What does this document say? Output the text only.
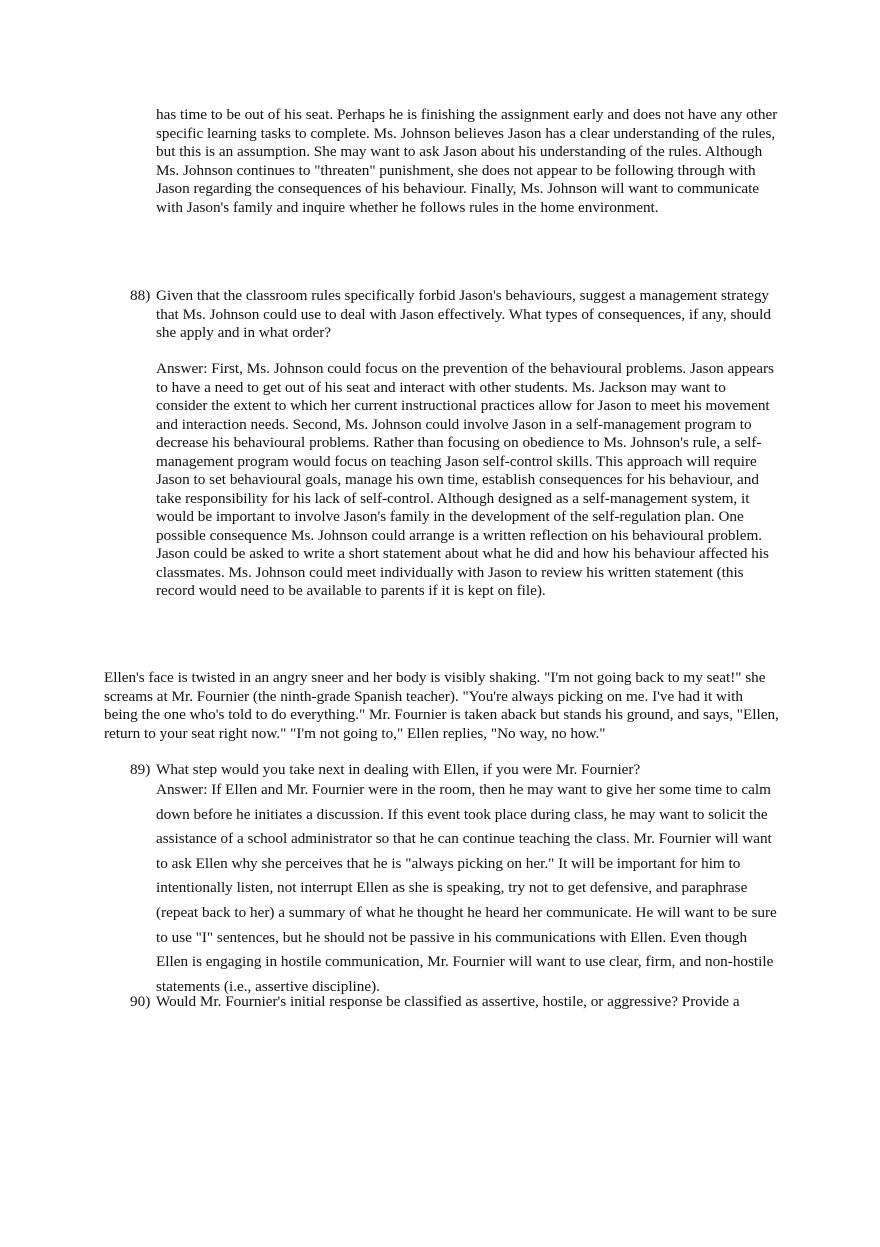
has time to be out of his seat. Perhaps he is finishing the assignment early and does not have any other specific learning tasks to complete. Ms. Johnson believes Jason has a clear understanding of the rules, but this is an assumption. She may want to ask Jason about his understanding of the rules. Although Ms. Johnson continues to "threaten" punishment, she does not appear to be following through with Jason regarding the consequences of his behaviour. Finally, Ms. Johnson will want to communicate with Jason's family and inquire whether he follows rules in the home environment.

88) Given that the classroom rules specifically forbid Jason's behaviours, suggest a management strategy that Ms. Johnson could use to deal with Jason effectively. What types of consequences, if any, should she apply and in what order?

Answer: First, Ms. Johnson could focus on the prevention of the behavioural problems. Jason appears to have a need to get out of his seat and interact with other students. Ms. Jackson may want to consider the extent to which her current instructional practices allow for Jason to meet his movement and interaction needs. Second, Ms. Johnson could involve Jason in a self-management program to decrease his behavioural problems. Rather than focusing on obedience to Ms. Johnson's rule, a self-management program would focus on teaching Jason self-control skills. This approach will require Jason to set behavioural goals, manage his own time, establish consequences for his behaviour, and take responsibility for his lack of self-control. Although designed as a self-management system, it would be important to involve Jason's family in the development of the self-regulation plan. One possible consequence Ms. Johnson could arrange is a written reflection on his behavioural problem. Jason could be asked to write a short statement about what he did and how his behaviour affected his classmates. Ms. Johnson could meet individually with Jason to review his written statement (this record would need to be available to parents if it is kept on file).

Ellen's face is twisted in an angry sneer and her body is visibly shaking. "I'm not going back to my seat!" she screams at Mr. Fournier (the ninth-grade Spanish teacher). "You're always picking on me. I've had it with being the one who's told to do everything." Mr. Fournier is taken aback but stands his ground, and says, "Ellen, return to your seat right now." "I'm not going to," Ellen replies, "No way, no how."

89) What step would you take next in dealing with Ellen, if you were Mr. Fournier?

Answer: If Ellen and Mr. Fournier were in the room, then he may want to give her some time to calm down before he initiates a discussion. If this event took place during class, he may want to solicit the assistance of a school administrator so that he can continue teaching the class. Mr. Fournier will want to ask Ellen why she perceives that he is "always picking on her." It will be important for him to intentionally listen, not interrupt Ellen as she is speaking, try not to get defensive, and paraphrase (repeat back to her) a summary of what he thought he heard her communicate. He will want to be sure to use "I" sentences, but he should not be passive in his communications with Ellen. Even though Ellen is engaging in hostile communication, Mr. Fournier will want to use clear, firm, and non-hostile statements (i.e., assertive discipline).

90) Would Mr. Fournier's initial response be classified as assertive, hostile, or aggressive? Provide a
